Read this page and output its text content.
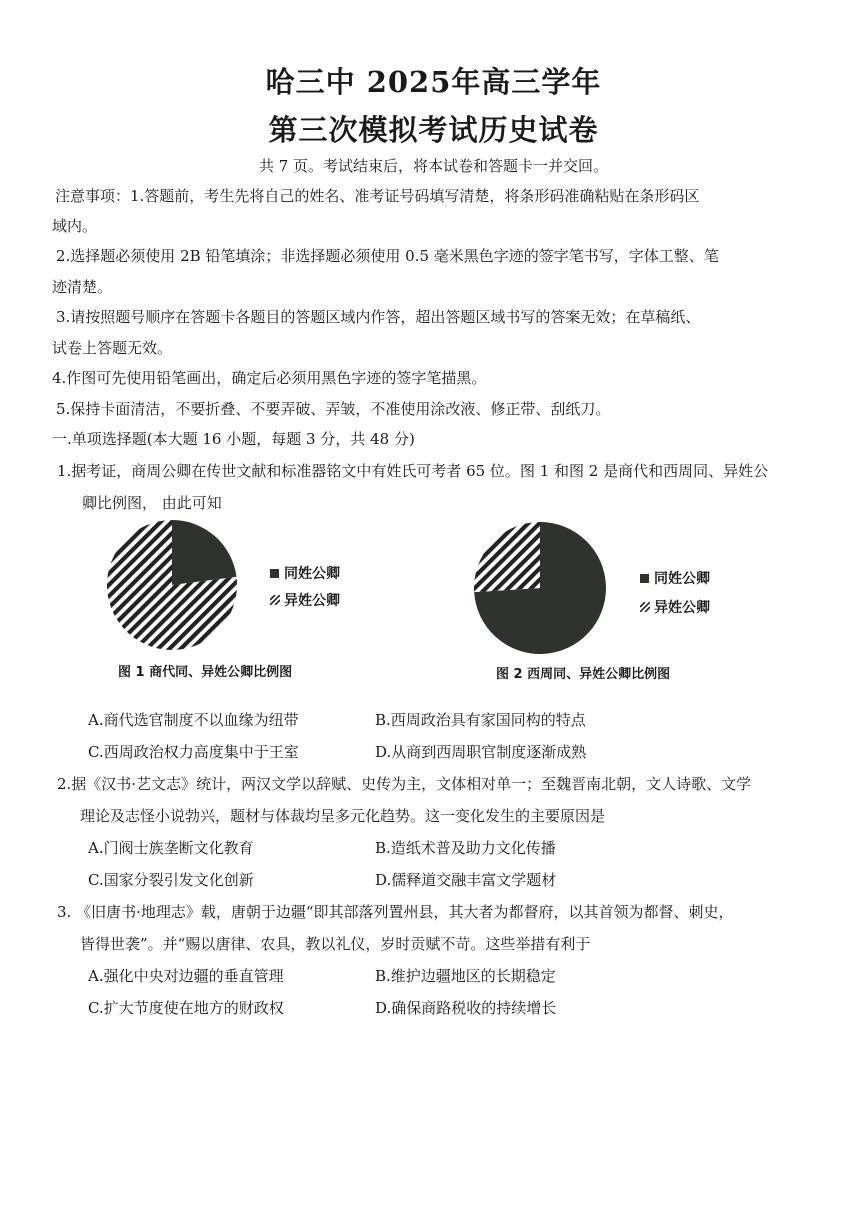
哈三中 2025年高三学年
第三次模拟考试历史试卷
共 7 页。考试结束后，将本试卷和答题卡一并交回。
注意事项：1.答题前，考生先将自己的姓名、准考证号码填写清楚，将条形码准确粘贴在条形码区
域内。
2.选择题必须使用 2B 铅笔填涂；非选择题必须使用 0.5 毫米黑色字迹的签字笔书写，字体工整、笔
迹清楚。
3.请按照题号顺序在答题卡各题目的答题区域内作答，超出答题区域书写的答案无效；在草稿纸、
试卷上答题无效。
4.作图可先使用铅笔画出，确定后必须用黑色字迹的签字笔描黑。
5.保持卡面清洁，不要折叠、不要弄破、弄皱，不准使用涂改液、修正带、刮纸刀。
一.单项选择题(本大题 16 小题，每题 3 分，共 48 分)
1.据考证，商周公卿在传世文献和标准器铭文中有姓氏可考者 65 位。图 1 和图 2 是商代和西周同、异姓公
卿比例图， 由此可知
同姓公卿
异姓公卿
图 1 商代同、异姓公卿比例图
同姓公卿
异姓公卿
图 2 西周同、异姓公卿比例图
A.商代选官制度不以血缘为纽带	B.西周政治具有家国同构的特点
C.西周政治权力高度集中于王室	D.从商到西周职官制度逐渐成熟
2.据《汉书·艺文志》统计，两汉文学以辞赋、史传为主，文体相对单一；至魏晋南北朝，文人诗歌、文学
理论及志怪小说勃兴，题材与体裁均呈多元化趋势。这一变化发生的主要原因是
A.门阀士族垄断文化教育	B.造纸术普及助力文化传播
C.国家分裂引发文化创新	D.儒释道交融丰富文学题材
3. 《旧唐书·地理志》载，唐朝于边疆“即其部落列置州县，其大者为都督府，以其首领为都督、刺史，
皆得世袭”。并“赐以唐律、农具，教以礼仪，岁时贡赋不苛。这些举措有利于
A.强化中央对边疆的垂直管理	B.维护边疆地区的长期稳定
C.扩大节度使在地方的财政权	D.确保商路税收的持续增长
